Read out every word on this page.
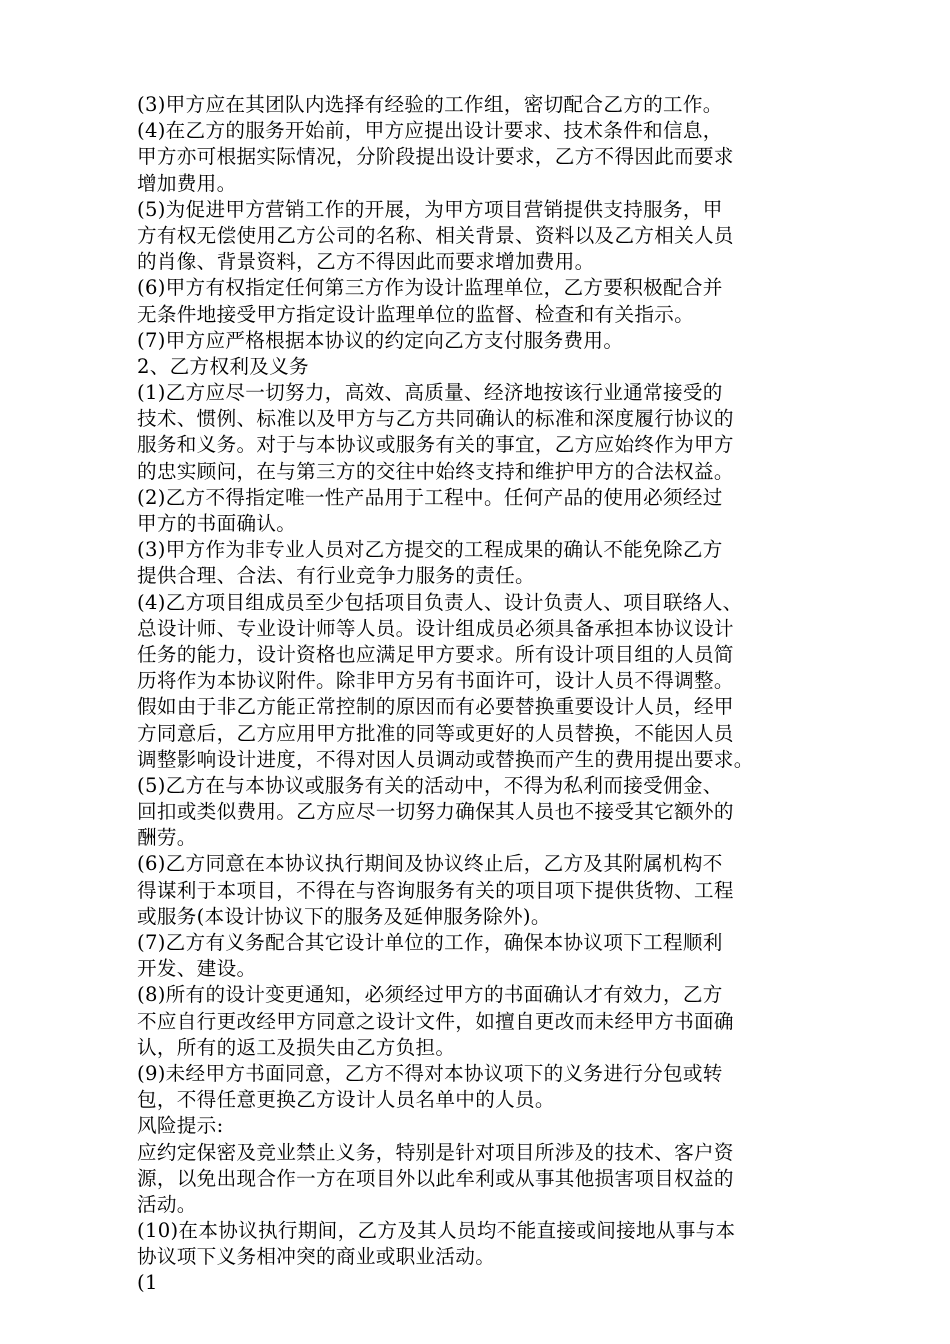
(3)甲方应在其团队内选择有经验的工作组，密切配合乙方的工作。
(4)在乙方的服务开始前，甲方应提出设计要求、技术条件和信息，
甲方亦可根据实际情况，分阶段提出设计要求，乙方不得因此而要求
增加费用。
(5)为促进甲方营销工作的开展，为甲方项目营销提供支持服务，甲
方有权无偿使用乙方公司的名称、相关背景、资料以及乙方相关人员
的肖像、背景资料，乙方不得因此而要求增加费用。
(6)甲方有权指定任何第三方作为设计监理单位，乙方要积极配合并
无条件地接受甲方指定设计监理单位的监督、检查和有关指示。
(7)甲方应严格根据本协议的约定向乙方支付服务费用。
2、乙方权利及义务
(1)乙方应尽一切努力，高效、高质量、经济地按该行业通常接受的
技术、惯例、标准以及甲方与乙方共同确认的标准和深度履行协议的
服务和义务。对于与本协议或服务有关的事宜，乙方应始终作为甲方
的忠实顾问，在与第三方的交往中始终支持和维护甲方的合法权益。
(2)乙方不得指定唯一性产品用于工程中。任何产品的使用必须经过
甲方的书面确认。
(3)甲方作为非专业人员对乙方提交的工程成果的确认不能免除乙方
提供合理、合法、有行业竞争力服务的责任。
(4)乙方项目组成员至少包括项目负责人、设计负责人、项目联络人、
总设计师、专业设计师等人员。设计组成员必须具备承担本协议设计
任务的能力，设计资格也应满足甲方要求。所有设计项目组的人员简
历将作为本协议附件。除非甲方另有书面许可，设计人员不得调整。
假如由于非乙方能正常控制的原因而有必要替换重要设计人员，经甲
方同意后，乙方应用甲方批准的同等或更好的人员替换，不能因人员
调整影响设计进度，不得对因人员调动或替换而产生的费用提出要求。
(5)乙方在与本协议或服务有关的活动中，不得为私利而接受佣金、
回扣或类似费用。乙方应尽一切努力确保其人员也不接受其它额外的
酬劳。
(6)乙方同意在本协议执行期间及协议终止后，乙方及其附属机构不
得谋利于本项目，不得在与咨询服务有关的项目项下提供货物、工程
或服务(本设计协议下的服务及延伸服务除外)。
(7)乙方有义务配合其它设计单位的工作，确保本协议项下工程顺利
开发、建设。
(8)所有的设计变更通知，必须经过甲方的书面确认才有效力，乙方
不应自行更改经甲方同意之设计文件，如擅自更改而未经甲方书面确
认，所有的返工及损失由乙方负担。
(9)未经甲方书面同意，乙方不得对本协议项下的义务进行分包或转
包，不得任意更换乙方设计人员名单中的人员。
风险提示:
应约定保密及竞业禁止义务，特别是针对项目所涉及的技术、客户资
源，以免出现合作一方在项目外以此牟利或从事其他损害项目权益的
活动。
(10)在本协议执行期间，乙方及其人员均不能直接或间接地从事与本
协议项下义务相冲突的商业或职业活动。
(1
